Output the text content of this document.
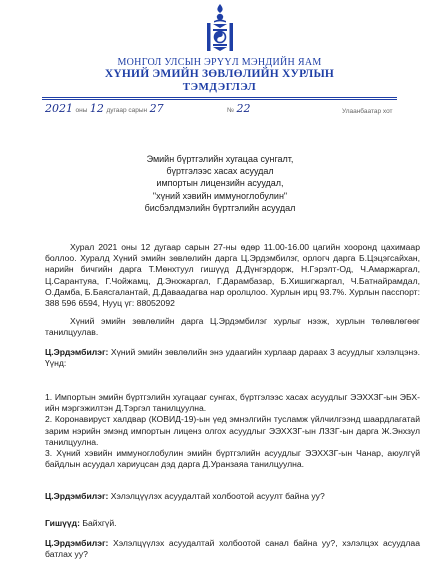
МОНГОЛ УЛСЫН ЭРҮҮЛ МЭНДИЙН ЯАМ
ХҮНИЙ ЭМИЙН ЗӨВЛӨЛИЙН ХУРЛЫН
ТЭМДЭГЛЭЛ
2021 оны 12 дугаар сарын 27	№ 22	Улаанбаатар хот
Эмийн бүртгэлийн хугацаа сунгалт,
бүртгэлээс хасах асуудал
импортын лицензийн асуудал,
"хүний хэвийн иммуноглобулин"
бисбэлдмэлийн бүртгэлийн асуудал
Хурал 2021 оны 12 дугаар сарын 27-ны өдөр 11.00-16.00 цагийн хооронд цахимаар боллоо. Хуралд Хүний эмийн зөвлөлийн дарга Ц.Эрдэмбилэг, орлогч дарга Б.Цэцэгсайхан, нарийн бичгийн дарга Т.Мөнхтуул гишүүд Д.Дүнгэрдорж, Н.Гэрэлт-Од, Ч.Амаржаргал, Ц.Сарантуяа, Г.Чойжамц, Д.Энхжаргал, Г.Дарамбазар, Б.Хишигжаргал, Ч.Батнайрамдал, О.Дамба, Б.Баясгалантай, Д.Даваадагва нар оролцлоо. Хурлын ирц 93.7%. Хурлын пасспорт: 388 596 6594, Нууц үг: 88052092
Хүний эмийн зөвлөлийн дарга Ц.Эрдэмбилэг хурлыг нээж, хурлын төлөвлөгөөг танилцуулав.
Ц.Эрдэмбилэг: Хүний эмийн зөвлөлийн энэ удаагийн хурлаар дараах 3 асуудлыг хэлэлцэнэ. Үүнд:
1. Импортын эмийн бүртгэлийн хугацааг сунгах, бүртгэлээс хасах асуудлыг ЭЭХХЗГ-ын ЭБХ-ийн мэргэжилтэн Д.Тэргэл танилцуулна.
2. Коронавируст халдвар (КОВИД-19)-ын үед эмнэлгийн тусламж үйлчилгээнд шаардлагатай зарим нэрийн эмэнд импортын лиценз олгох асуудлыг ЭЭХХЗГ-ын ЛЗЗГ-ын дарга Ж.Энхзул танилцуулна.
3. Хүний хэвийн иммуноглобулин эмийн бүртгэлийн асуудлыг ЭЭХХЗГ-ын Чанар, аюулгүй байдлын асуудал хариуцсан дэд дарга Д.Уранзаяа танилцуулна.
Ц.Эрдэмбилэг: Хэлэлцүүлэх асуудалтай холбоотой асуулт байна уу?
Гишүүд: Байхгүй.
Ц.Эрдэмбилэг: Хэлэлцүүлэх асуудалтай холбоотой санал байна уу?, хэлэлцэх асуудлаа батлах уу?
